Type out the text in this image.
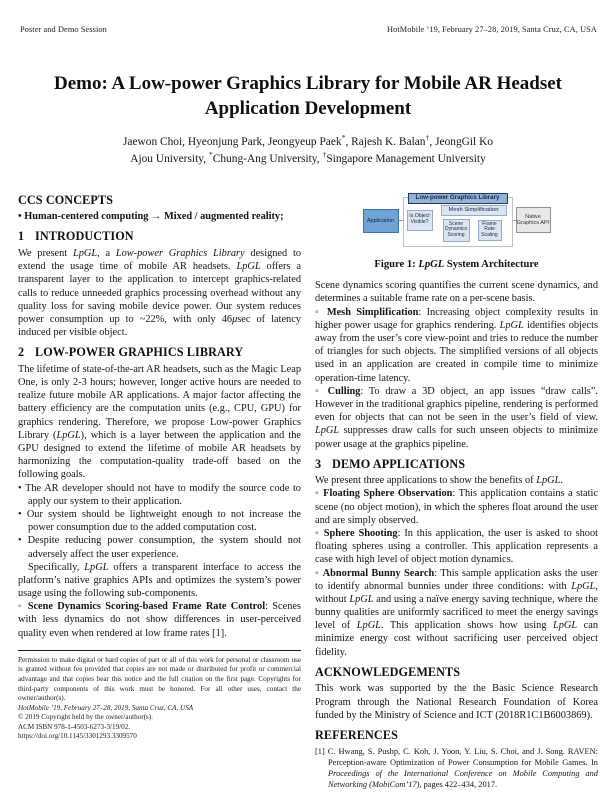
Poster and Demo Session	HotMobile ’19, February 27–28, 2019, Santa Cruz, CA, USA
Demo: A Low-power Graphics Library for Mobile AR Headset Application Development
Jaewon Choi, Hyeonjung Park, Jeongyeup Paek*, Rajesh K. Balan†, JeongGil Ko
Ajou University, *Chung-Ang University, †Singapore Management University
CCS CONCEPTS
• Human-centered computing → Mixed / augmented reality;
1 INTRODUCTION
We present LpGL, a Low-power Graphics Library designed to extend the usage time of mobile AR headsets. LpGL offers a transparent layer to the application to intercept graphics-related calls to reduce unneeded graphics processing overhead without any quality loss for saving mobile device power. Our system reduces power consumption up to ~22%, with only 46μsec of latency induced per visible object.
2 LOW-POWER GRAPHICS LIBRARY
The lifetime of state-of-the-art AR headsets, such as the Magic Leap One, is only 2-3 hours; however, longer active hours are needed to realize future mobile AR applications. A major factor affecting the battery efficiency are the computation units (e.g., CPU, GPU) for graphics rendering. Therefore, we propose Low-power Graphics Library (LpGL), which is a layer between the application and the GPU designed to extend the lifetime of mobile AR headsets by harmonizing the computation-quality trade-off based on the following goals.
• The AR developer should not have to modify the source code to apply our system to their application.
• Our system should be lightweight enough to not increase the power consumption due to the added computation cost.
• Despite reducing power consumption, the system should not adversely affect the user experience.
Specifically, LpGL offers a transparent interface to access the platform’s native graphics APIs and optimizes the system’s power usage using the following sub-components.
◦ Scene Dynamics Scoring-based Frame Rate Control: Scenes with less dynamics do not show differences in user-perceived quality even when rendered at low frame rates [1].
Permission to make digital or hard copies of part or all of this work for personal or classroom use is granted without fee provided that copies are not made or distributed for profit or commercial advantage and that copies bear this notice and the full citation on the first page. Copyrights for third-party components of this work must be honored. For all other uses, contact the owner/author(s).
HotMobile ’19, February 27–28, 2019, Santa Cruz, CA, USA
© 2019 Copyright held by the owner/author(s).
ACM ISBN 978-1-4503-6273-3/19/02.
https://doi.org/10.1145/3301293.3309570
Application
Low-power Graphics Library
Is Object Visible?
Mesh Simplification
Scene Dynamics Scoring
Frame Rate Scaling
Native Graphics API
Figure 1: LpGL System Architecture
Scene dynamics scoring quantifies the current scene dynamics, and determines a suitable frame rate on a per-scene basis.
◦ Mesh Simplification: Increasing object complexity results in higher power usage for graphics rendering. LpGL identifies objects away from the user’s core view-point and tries to reduce the number of triangles for such objects. The simplified versions of all objects used in an application are created in compile time to minimize operation-time latency.
◦ Culling: To draw a 3D object, an app issues “draw calls”. However in the traditional graphics pipeline, rendering is performed even for objects that can not be seen in the user’s field of view. LpGL suppresses draw calls for such unseen objects to minimize power usage at the graphics pipeline.
3 DEMO APPLICATIONS
We present three applications to show the benefits of LpGL.
◦ Floating Sphere Observation: This application contains a static scene (no object motion), in which the spheres float around the user and are simply observed.
◦ Sphere Shooting: In this application, the user is asked to shoot floating spheres using a controller. This application represents a case with high level of object motion dynamics.
◦ Abnormal Bunny Search: This sample application asks the user to identify abnormal bunnies under three conditions: with LpGL, without LpGL and using a naïve energy saving technique, where the bunny qualities are uniformly sacrificed to meet the energy savings level of LpGL. This application shows how using LpGL can minimize energy cost without sacrificing user perceived object fidelity.
ACKNOWLEDGEMENTS
This work was supported by the the Basic Science Research Program through the National Research Foundation of Korea funded by the Ministry of Science and ICT (2018R1C1B6003869).
REFERENCES
[1] C. Hwang, S. Pushp, C. Koh, J. Yoon, Y. Liu, S. Choi, and J. Song. RAVEN: Perception-aware Optimization of Power Consumption for Mobile Games. In Proceedings of the International Conference on Mobile Computing and Networking (MobiCom’17), pages 422–434, 2017.
